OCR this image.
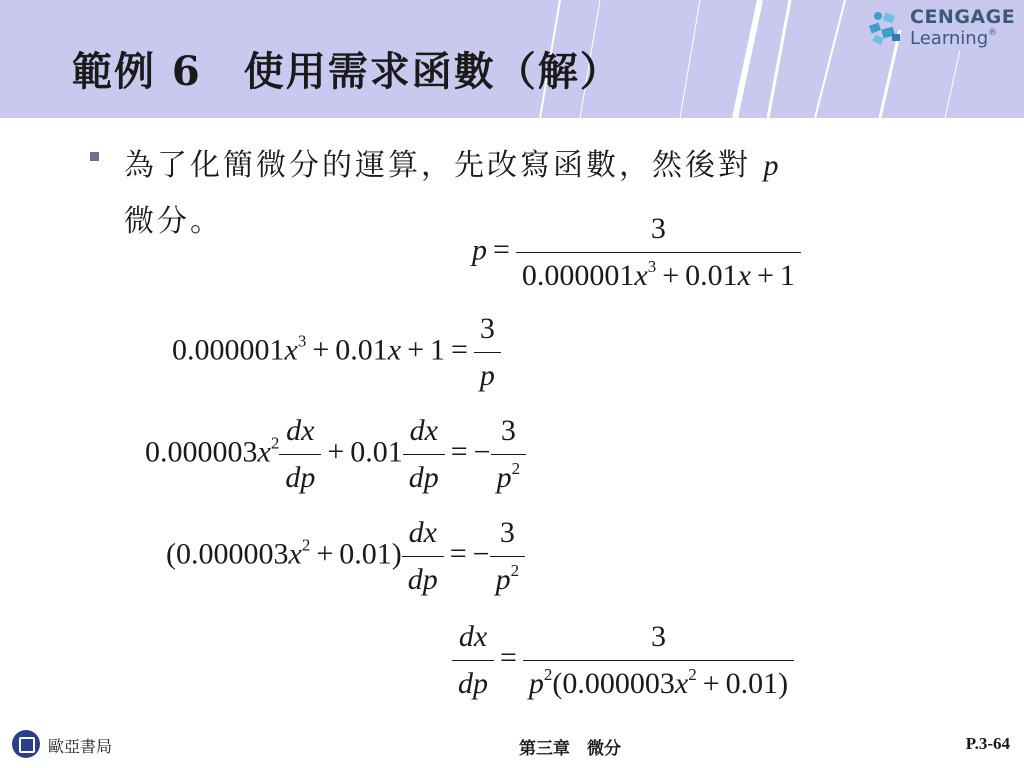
範例 6　使用需求函數（解）
CENGAGE
Learning®
為了化簡微分的運算，先改寫函數，然後對 p
微分。
$p = \frac{3}{0.000001x^3 + 0.01x + 1}$
$0.000001x^3 + 0.01x + 1 = \frac{3}{p}$
$0.000003x^2 \frac{dx}{dp} + 0.01 \frac{dx}{dp}$ = − $\frac{3}{p^2}$
$(0.000003x^2 + 0.01) \frac{dx}{dp}$ = − $\frac{3}{p^2}$
$\frac{dx}{dp} = \frac{3}{p^2(0.000003x^2 + 0.01)}$
歐亞書局	第三章　微分	P.3-64
